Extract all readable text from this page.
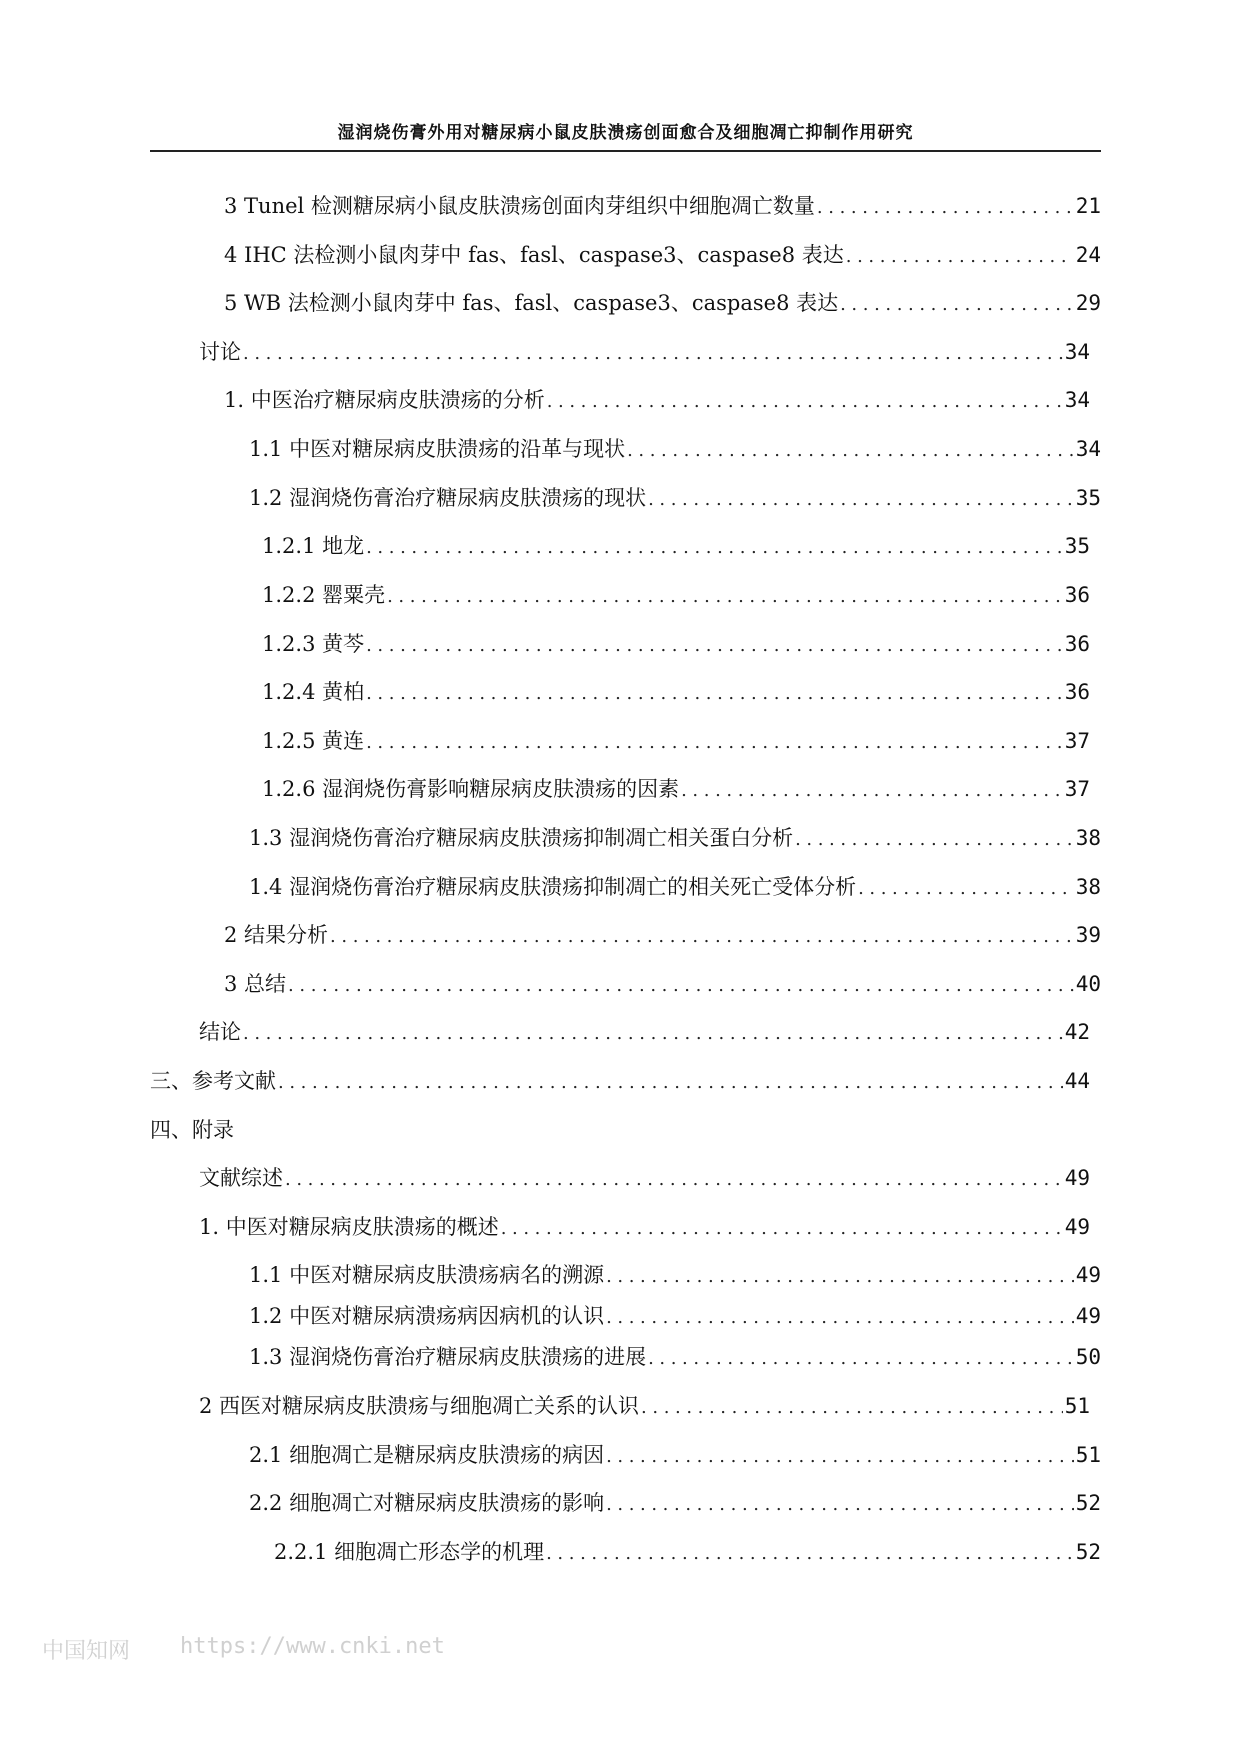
湿润烧伤膏外用对糖尿病小鼠皮肤溃疡创面愈合及细胞凋亡抑制作用研究
3 Tunel 检测糖尿病小鼠皮肤溃疡创面肉芽组织中细胞凋亡数量 .....	21
4 IHC 法检测小鼠肉芽中 fas、fasl、caspase3、caspase8 表达 .....	24
5 WB 法检测小鼠肉芽中 fas、fasl、caspase3、caspase8 表达 .....	29
讨论 .....	34
1. 中医治疗糖尿病皮肤溃疡的分析 .....	34
1.1 中医对糖尿病皮肤溃疡的沿革与现状 .....	34
1.2 湿润烧伤膏治疗糖尿病皮肤溃疡的现状 .....	35
1.2.1 地龙 .....	35
1.2.2 罂粟壳 .....	36
1.2.3 黄芩 .....	36
1.2.4 黄柏 .....	36
1.2.5 黄连 .....	37
1.2.6 湿润烧伤膏影响糖尿病皮肤溃疡的因素 .....	37
1.3 湿润烧伤膏治疗糖尿病皮肤溃疡抑制凋亡相关蛋白分析 .....	38
1.4 湿润烧伤膏治疗糖尿病皮肤溃疡抑制凋亡的相关死亡受体分析 .....	38
2 结果分析 .....	39
3 总结 .....	40
结论 .....	42
三、参考文献 .....	44
四、附录
文献综述 .....	49
1. 中医对糖尿病皮肤溃疡的概述 .....	49
1.1 中医对糖尿病皮肤溃疡病名的溯源 .....	49
1.2 中医对糖尿病溃疡病因病机的认识 .....	49
1.3 湿润烧伤膏治疗糖尿病皮肤溃疡的进展 .....	50
2 西医对糖尿病皮肤溃疡与细胞凋亡关系的认识 .....	51
2.1 细胞凋亡是糖尿病皮肤溃疡的病因 .....	51
2.2 细胞凋亡对糖尿病皮肤溃疡的影响 .....	52
2.2.1 细胞凋亡形态学的机理 .....	52
中国知网 https://www.cnki.net
